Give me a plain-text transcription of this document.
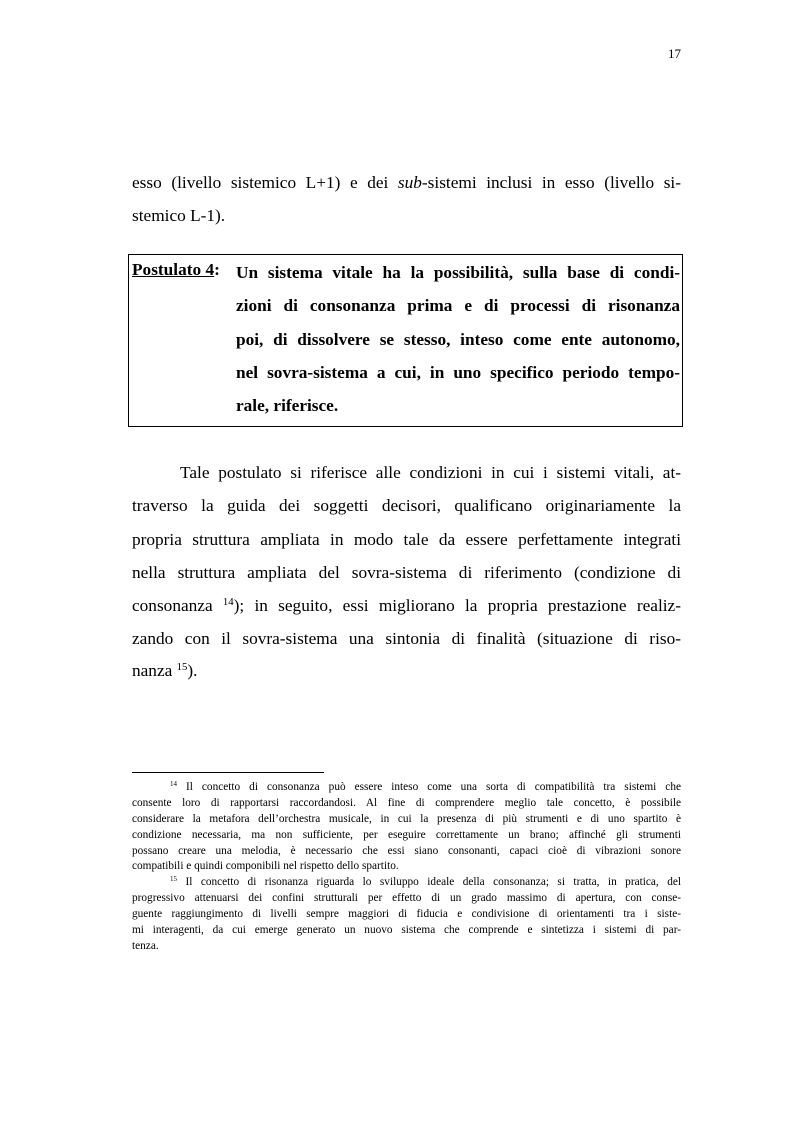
17
esso (livello sistemico L+1) e dei sub-sistemi inclusi in esso (livello si-
stemico L-1).
Postulato 4: Un sistema vitale ha la possibilità, sulla base di condi-
zioni di consonanza prima e di processi di risonanza
poi, di dissolvere se stesso, inteso come ente autonomo,
nel sovra-sistema a cui, in uno specifico periodo tempo-
rale, riferisce.
Tale postulato si riferisce alle condizioni in cui i sistemi vitali, at-
traverso la guida dei soggetti decisori, qualificano originariamente la
propria struttura ampliata in modo tale da essere perfettamente integrati
nella struttura ampliata del sovra-sistema di riferimento (condizione di
consonanza $^{14}$); in seguito, essi migliorano la propria prestazione realiz-
zando con il sovra-sistema una sintonia di finalità (situazione di riso-
nanza $^{15}$).
$^{14}$ Il concetto di consonanza può essere inteso come una sorta di compatibilità tra sistemi che
consente loro di rapportarsi raccordandosi. Al fine di comprendere meglio tale concetto, è possibile
considerare la metafora dell’orchestra musicale, in cui la presenza di più strumenti e di uno spartito è
condizione necessaria, ma non sufficiente, per eseguire correttamente un brano; affinché gli strumenti
possano creare una melodia, è necessario che essi siano consonanti, capaci cioè di vibrazioni sonore
compatibili e quindi componibili nel rispetto dello spartito.
$^{15}$ Il concetto di risonanza riguarda lo sviluppo ideale della consonanza; si tratta, in pratica, del
progressivo attenuarsi dei confini strutturali per effetto di un grado massimo di apertura, con conse-
guente raggiungimento di livelli sempre maggiori di fiducia e condivisione di orientamenti tra i siste-
mi interagenti, da cui emerge generato un nuovo sistema che comprende e sintetizza i sistemi di par-
tenza.
